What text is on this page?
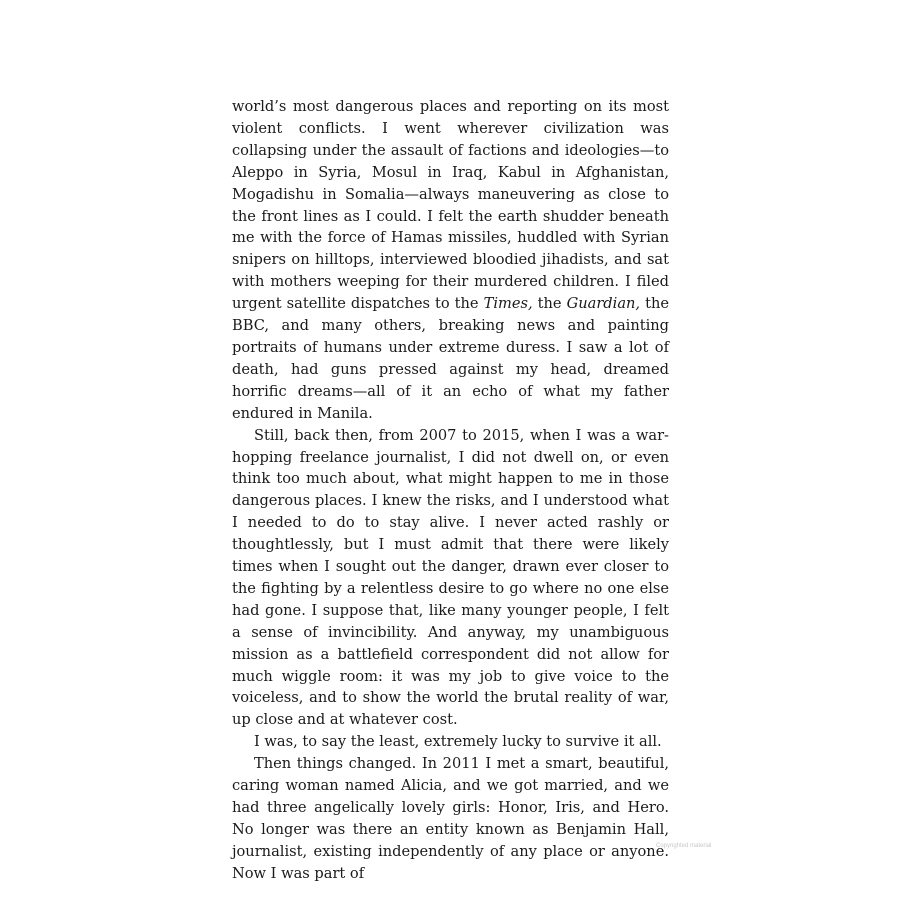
world’s most dangerous places and reporting on its most violent conflicts. I went wherever civilization was collapsing under the assault of factions and ideologies—to Aleppo in Syria, Mosul in Iraq, Kabul in Afghanistan, Mogadishu in Somalia—always maneuvering as close to the front lines as I could. I felt the earth shudder beneath me with the force of Hamas missiles, huddled with Syrian snipers on hilltops, interviewed bloodied jihadists, and sat with mothers weeping for their murdered children. I filed urgent satellite dispatches to the Times, the Guardian, the BBC, and many others, breaking news and painting portraits of humans under extreme duress. I saw a lot of death, had guns pressed against my head, dreamed horrific dreams—all of it an echo of what my father endured in Manila.

Still, back then, from 2007 to 2015, when I was a war-hopping freelance journalist, I did not dwell on, or even think too much about, what might happen to me in those dangerous places. I knew the risks, and I understood what I needed to do to stay alive. I never acted rashly or thoughtlessly, but I must admit that there were likely times when I sought out the danger, drawn ever closer to the fighting by a relentless desire to go where no one else had gone. I suppose that, like many younger people, I felt a sense of invincibility. And anyway, my unambiguous mission as a battlefield correspondent did not allow for much wiggle room: it was my job to give voice to the voiceless, and to show the world the brutal reality of war, up close and at whatever cost.

I was, to say the least, extremely lucky to survive it all.

Then things changed. In 2011 I met a smart, beautiful, caring woman named Alicia, and we got married, and we had three angelically lovely girls: Honor, Iris, and Hero. No longer was there an entity known as Benjamin Hall, journalist, existing independently of any place or anyone. Now I was part of

Copyrighted material
